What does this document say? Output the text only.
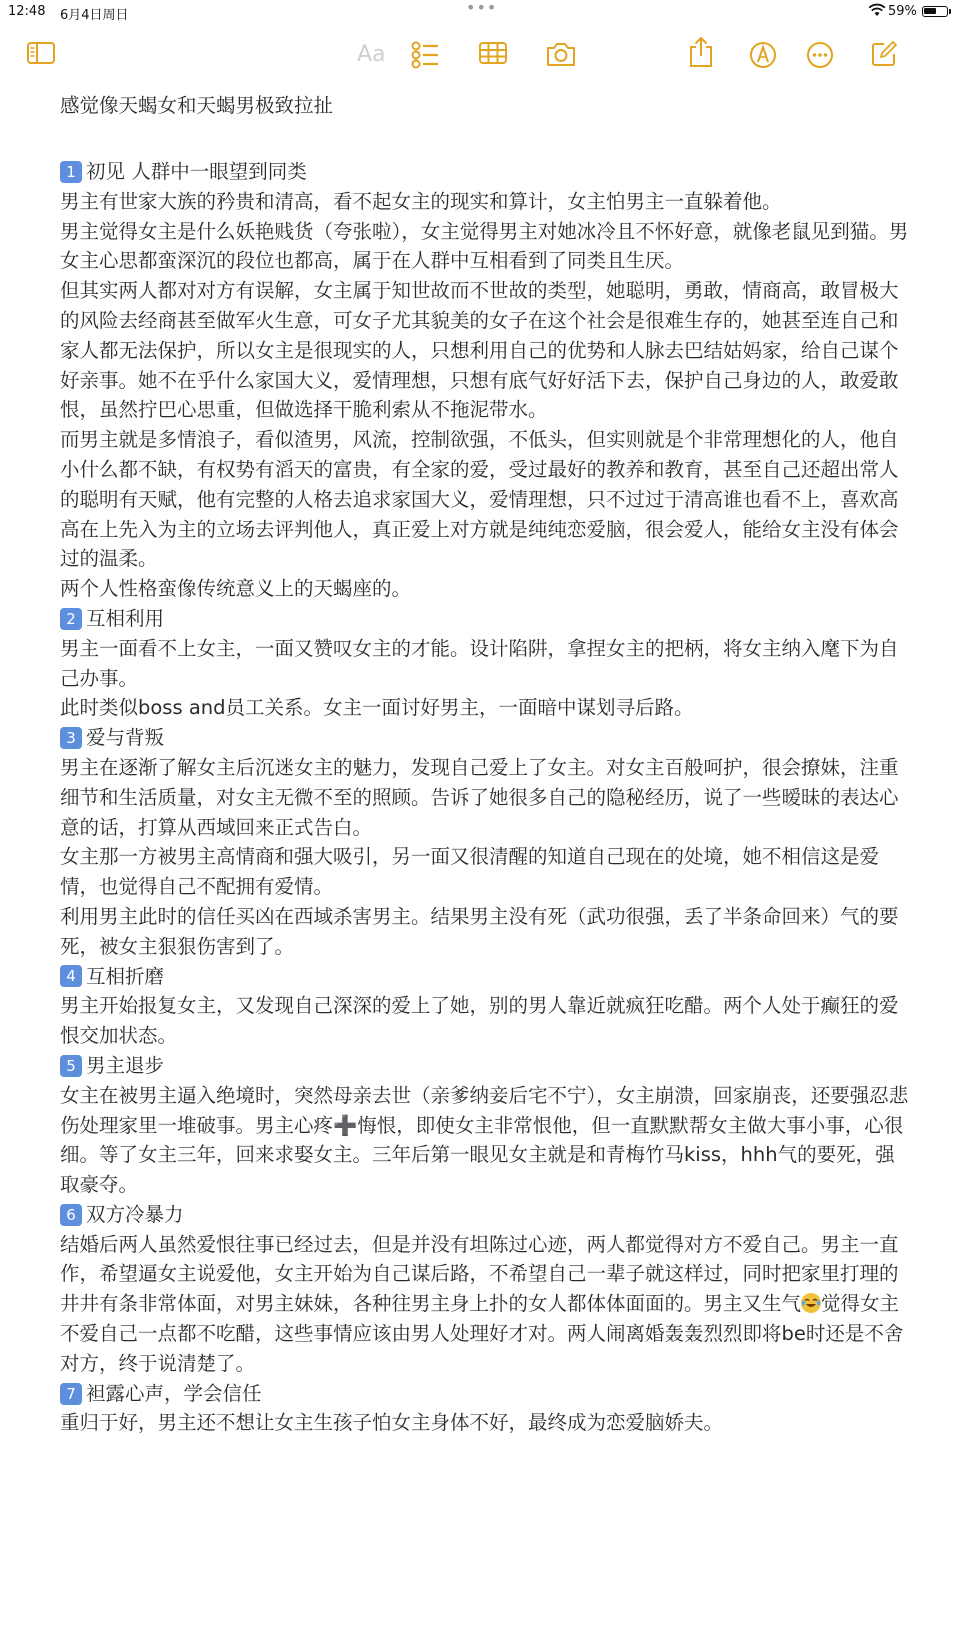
12:48 6月4日周日	•••	59%
Aa
感觉像天蝎女和天蝎男极致拉扯
1 初见 人群中一眼望到同类

男主有世家大族的矜贵和清高，看不起女主的现实和算计，女主怕男主一直躲着他。

男主觉得女主是什么妖艳贱货（夸张啦），女主觉得男主对她冰冷且不怀好意，就像老鼠见到猫。男女主心思都蛮深沉的段位也都高，属于在人群中互相看到了同类且生厌。

但其实两人都对对方有误解，女主属于知世故而不世故的类型，她聪明，勇敢，情商高，敢冒极大的风险去经商甚至做军火生意，可女子尤其貌美的女子在这个社会是很难生存的，她甚至连自己和家人都无法保护，所以女主是很现实的人，只想利用自己的优势和人脉去巴结姑妈家，给自己谋个好亲事。她不在乎什么家国大义，爱情理想，只想有底气好好活下去，保护自己身边的人，敢爱敢恨，虽然拧巴心思重，但做选择干脆利索从不拖泥带水。

而男主就是多情浪子，看似渣男，风流，控制欲强，不低头，但实则就是个非常理想化的人，他自小什么都不缺，有权势有滔天的富贵，有全家的爱，受过最好的教养和教育，甚至自己还超出常人的聪明有天赋，他有完整的人格去追求家国大义，爱情理想，只不过过于清高谁也看不上，喜欢高高在上先入为主的立场去评判他人，真正爱上对方就是纯纯恋爱脑，很会爱人，能给女主没有体会过的温柔。

两个人性格蛮像传统意义上的天蝎座的。

2 互相利用

男主一面看不上女主，一面又赞叹女主的才能。设计陷阱，拿捏女主的把柄，将女主纳入麾下为自己办事。

此时类似boss and员工关系。女主一面讨好男主，一面暗中谋划寻后路。

3 爱与背叛

男主在逐渐了解女主后沉迷女主的魅力，发现自己爱上了女主。对女主百般呵护，很会撩妹，注重细节和生活质量，对女主无微不至的照顾。告诉了她很多自己的隐秘经历，说了一些暧昧的表达心意的话，打算从西域回来正式告白。

女主那一方被男主高情商和强大吸引，另一面又很清醒的知道自己现在的处境，她不相信这是爱情，也觉得自己不配拥有爱情。

利用男主此时的信任买凶在西域杀害男主。结果男主没有死（武功很强，丢了半条命回来）气的要死，被女主狠狠伤害到了。

4 互相折磨

男主开始报复女主，又发现自己深深的爱上了她，别的男人靠近就疯狂吃醋。两个人处于癫狂的爱恨交加状态。

5 男主退步

女主在被男主逼入绝境时，突然母亲去世（亲爹纳妾后宅不宁），女主崩溃，回家崩丧，还要强忍悲伤处理家里一堆破事。男主心疼➕悔恨，即使女主非常恨他，但一直默默帮女主做大事小事，心很细。等了女主三年，回来求娶女主。三年后第一眼见女主就是和青梅竹马kiss，hhh气的要死，强取豪夺。

6 双方冷暴力

结婚后两人虽然爱恨往事已经过去，但是并没有坦陈过心迹，两人都觉得对方不爱自己。男主一直作，希望逼女主说爱他，女主开始为自己谋后路，不希望自己一辈子就这样过，同时把家里打理的井井有条非常体面，对男主妹妹，各种往男主身上扑的女人都体体面面的。男主又生气 觉得女主不爱自己一点都不吃醋，这些事情应该由男人处理好才对。两人闹离婚轰轰烈烈即将be时还是不舍对方，终于说清楚了。

7 袒露心声，学会信任

重归于好，男主还不想让女主生孩子怕女主身体不好，最终成为恋爱脑娇夫。
